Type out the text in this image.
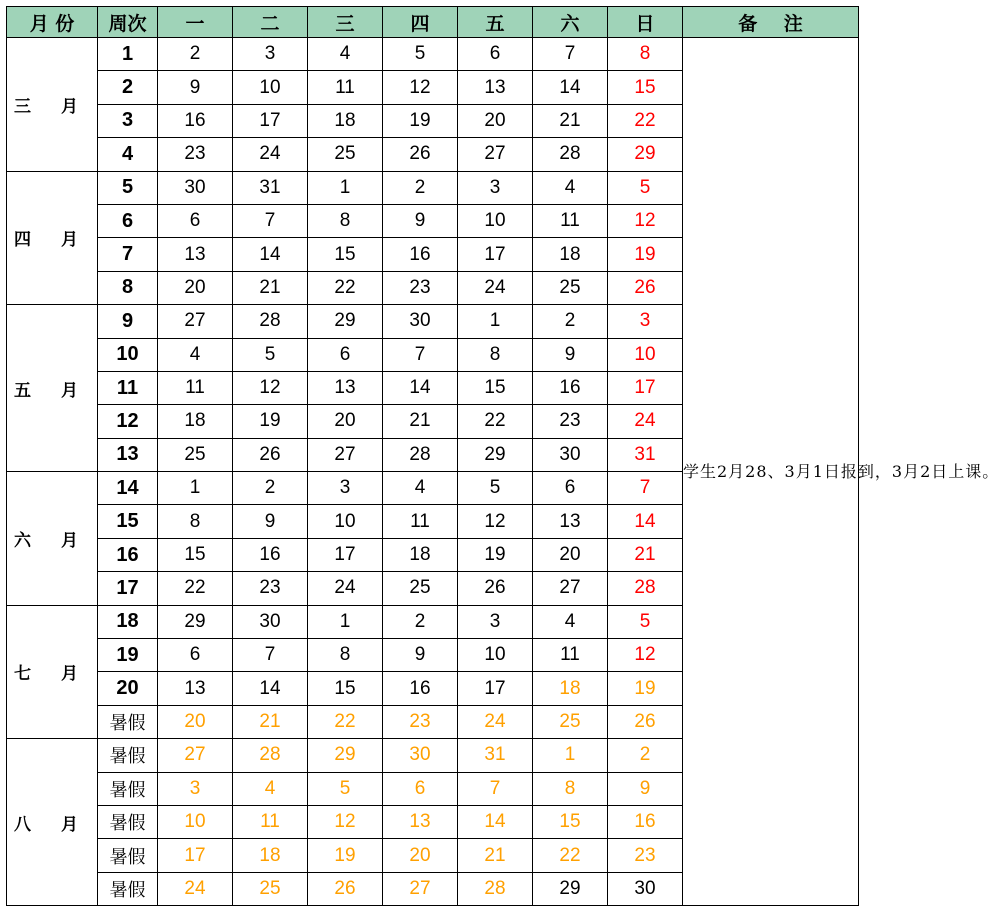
月 份	周次	一	二	三	四	五	六	日	备    注
三 月	1	2	3	4	5	6	7	8	学生2月28、3月1日报到，3月2日上课。
	2	9	10	11	12	13	14	15	
	3	16	17	18	19	20	21	22	
	4	23	24	25	26	27	28	29	
四 月	5	30	31	1	2	3	4	5	
	6	6	7	8	9	10	11	12	
	7	13	14	15	16	17	18	19	
	8	20	21	22	23	24	25	26	
五 月	9	27	28	29	30	1	2	3	
	10	4	5	6	7	8	9	10	
	11	11	12	13	14	15	16	17	
	12	18	19	20	21	22	23	24	
	13	25	26	27	28	29	30	31	
六 月	14	1	2	3	4	5	6	7	
	15	8	9	10	11	12	13	14	
	16	15	16	17	18	19	20	21	
	17	22	23	24	25	26	27	28	
七 月	18	29	30	1	2	3	4	5	
	19	6	7	8	9	10	11	12	
	20	13	14	15	16	17	18	19	
	暑假	20	21	22	23	24	25	26	
八 月	暑假	27	28	29	30	31	1	2	
	暑假	3	4	5	6	7	8	9	
	暑假	10	11	12	13	14	15	16	
	暑假	17	18	19	20	21	22	23	
	暑假	24	25	26	27	28	29	30	
